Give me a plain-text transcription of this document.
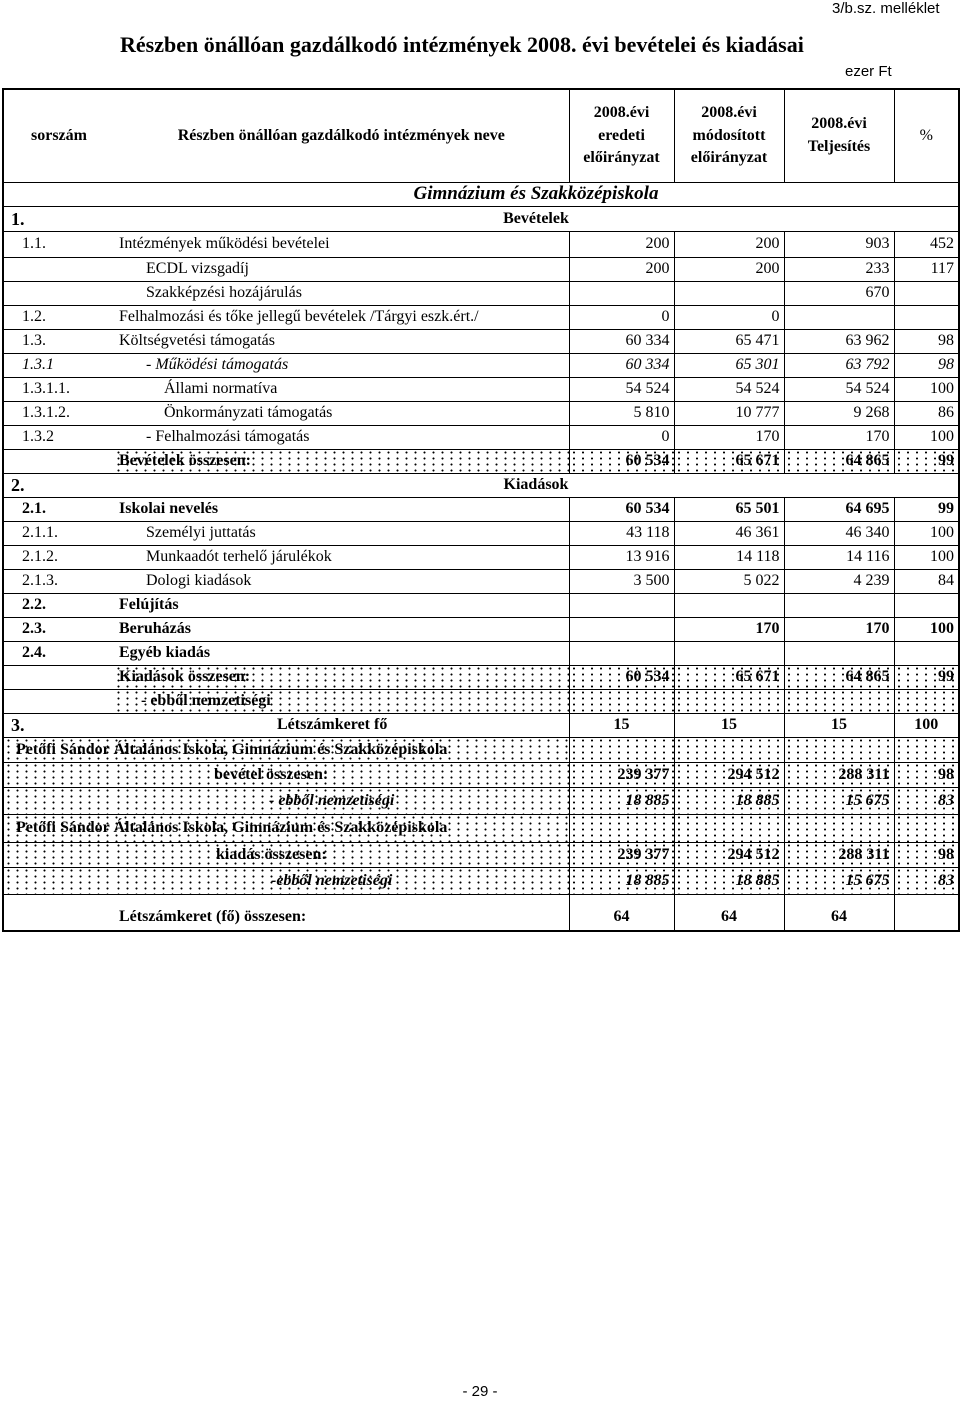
3/b.sz. melléklet
Részben önállóan gazdálkodó intézmények 2008. évi bevételei és kiadásai
ezer Ft
sorszám	Részben önállóan gazdálkodó intézmények neve	2008.évi
eredeti
előirányzat	2008.évi
módosított
előirányzat	2008.évi
Teljesítés	%
	Gimnázium és Szakközépiskola				
1.	Bevételek				
1.1.	Intézmények működési bevételei	200	200	903	452
	ECDL vizsgadíj	200	200	233	117
	Szakképzési hozájárulás			670	
1.2.	Felhalmozási és tőke jellegű bevételek /Tárgyi eszk.ért./	0	0		
1.3.	Költségvetési támogatás	60 334	65 471	63 962	98
1.3.1	- Működési támogatás	60 334	65 301	63 792	98
1.3.1.1.	Állami normatíva	54 524	54 524	54 524	100
1.3.1.2.	Önkormányzati támogatás	5 810	10 777	9 268	86
1.3.2	- Felhalmozási támogatás	0	170	170	100
	Bevételek összesen:	60 534	65 671	64 865	99
2.	Kiadások				
2.1.	Iskolai nevelés	60 534	65 501	64 695	99
2.1.1.	Személyi juttatás	43 118	46 361	46 340	100
2.1.2.	Munkaadót terhelő járulékok	13 916	14 118	14 116	100
2.1.3.	Dologi kiadások	3 500	5 022	4 239	84
2.2.	Felújítás				
2.3.	Beruházás		170	170	100
2.4.	Egyéb kiadás				
	Kiadások összesen:	60 534	65 671	64 865	99
	- ebből nemzetiségi				
3.	Létszámkeret fő	15	15	15	100
Petőfi Sándor Általános Iskola, Gimnázium és Szakközépiskola					
	bevétel összesen:	239 377	294 512	288 311	98
	- ebből nemzetiségi	18 885	18 885	15 675	83
Petőfi Sándor Általános Iskola, Gimnázium és Szakközépiskola					
	kiadás összesen:	239 377	294 512	288 311	98
	-ebből nemzetiségi	18 885	18 885	15 675	83
	Létszámkeret (fő) összesen:	64	64	64	
- 29 -
